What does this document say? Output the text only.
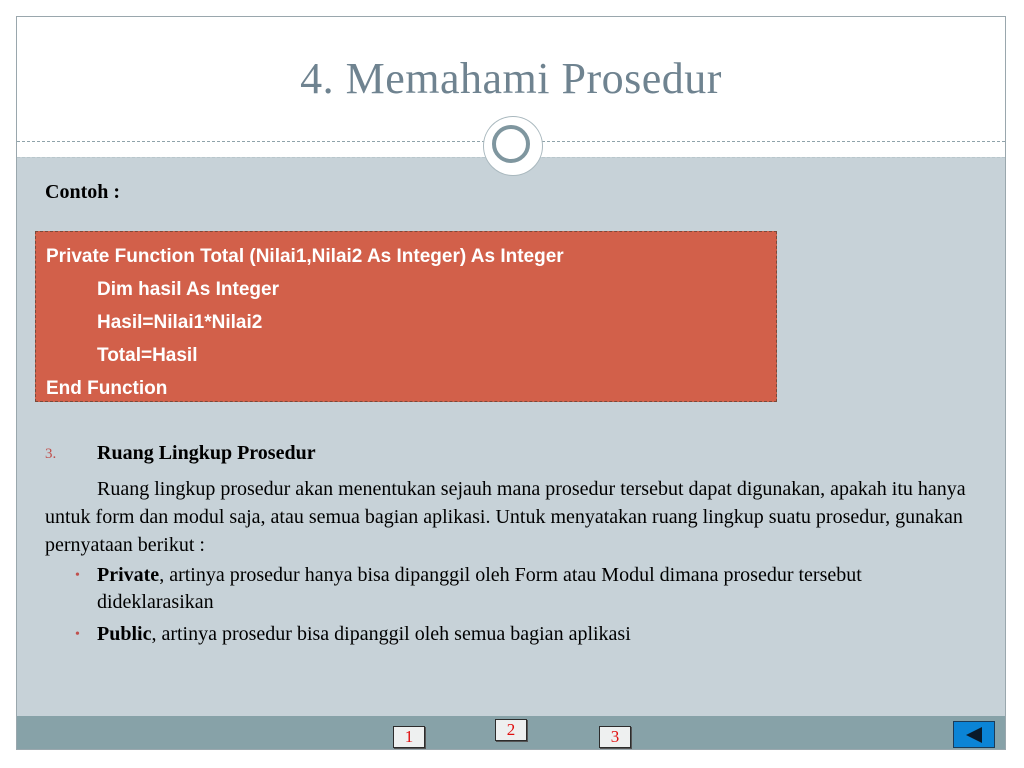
4. Memahami Prosedur
Contoh :
Private Function Total (Nilai1,Nilai2 As Integer) As Integer
Dim hasil As Integer
Hasil=Nilai1*Nilai2
Total=Hasil
End Function
3. Ruang Lingkup Prosedur
Ruang lingkup prosedur akan menentukan sejauh mana prosedur tersebut dapat digunakan, apakah itu hanya untuk form dan modul saja, atau semua bagian aplikasi. Untuk menyatakan ruang lingkup suatu prosedur, gunakan pernyataan berikut :
• Private, artinya prosedur hanya bisa dipanggil oleh Form atau Modul dimana prosedur tersebut dideklarasikan
• Public, artinya prosedur bisa dipanggil oleh semua bagian aplikasi
1	2	3
